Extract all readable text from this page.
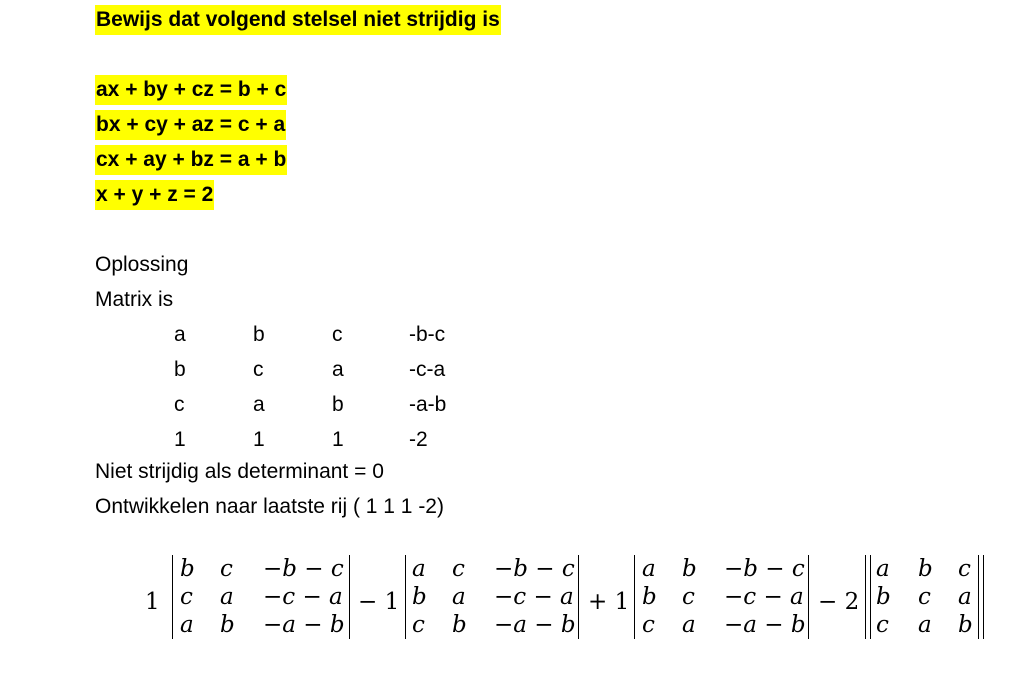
Bewijs dat volgend stelsel niet strijdig is
ax + by + cz = b + c
bx + cy + az = c + a
cx + ay + bz = a + b
x + y + z = 2
Oplossing
Matrix is
a	b	c	-b-c
b	c	a	-c-a
c	a	b	-a-b
1	1	1	-2
Niet strijdig als determinant = 0
Ontwikkelen naar laatste rij ( 1 1 1 -2)
1
b c −b − c
c a −c − a
a b −a − b
− 1
a c −b − c
b a −c − a
c b −a − b
+ 1
a b −b − c
b c −c − a
c a −a − b
− 2
a b c
b c a
c a b
